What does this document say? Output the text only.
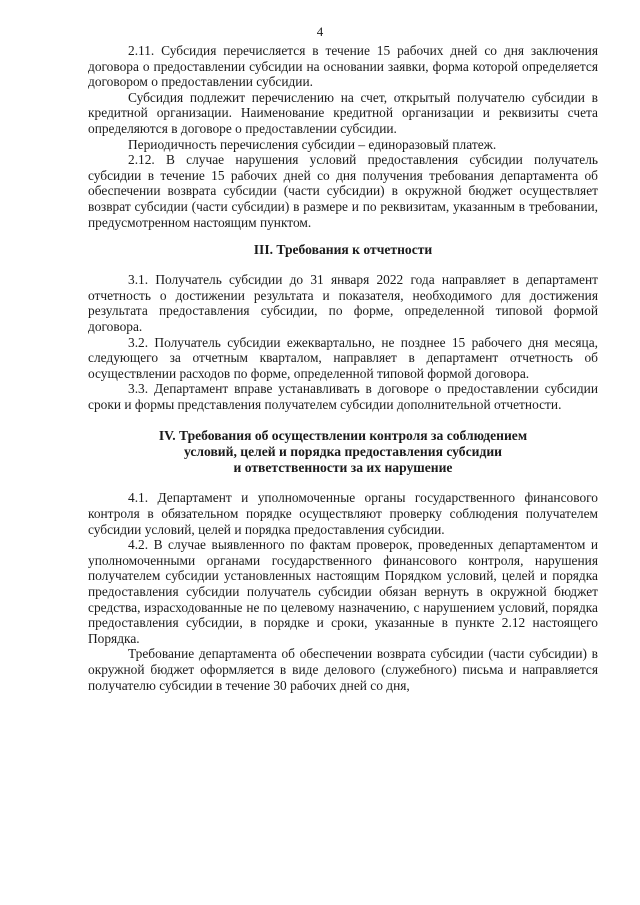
4

2.11. Субсидия перечисляется в течение 15 рабочих дней со дня заключения договора о предоставлении субсидии на основании заявки, форма которой определяется договором о предоставлении субсидии.

Субсидия подлежит перечислению на счет, открытый получателю субсидии в кредитной организации. Наименование кредитной организации и реквизиты счета определяются в договоре о предоставлении субсидии.

Периодичность перечисления субсидии – единоразовый платеж.

2.12. В случае нарушения условий предоставления субсидии получатель субсидии в течение 15 рабочих дней со дня получения требования департамента об обеспечении возврата субсидии (части субсидии) в окружной бюджет осуществляет возврат субсидии (части субсидии) в размере и по реквизитам, указанным в требовании, предусмотренном настоящим пунктом.

III. Требования к отчетности

3.1. Получатель субсидии до 31 января 2022 года направляет в департамент отчетность о достижении результата и показателя, необходимого для достижения результата предоставления субсидии, по форме, определенной типовой формой договора.

3.2. Получатель субсидии ежеквартально, не позднее 15 рабочего дня месяца, следующего за отчетным кварталом, направляет в департамент отчетность об осуществлении расходов по форме, определенной типовой формой договора.

3.3. Департамент вправе устанавливать в договоре о предоставлении субсидии сроки и формы представления получателем субсидии дополнительной отчетности.

IV. Требования об осуществлении контроля за соблюдением
условий, целей и порядка предоставления субсидии
и ответственности за их нарушение

4.1. Департамент и уполномоченные органы государственного финансового контроля в обязательном порядке осуществляют проверку соблюдения получателем субсидии условий, целей и порядка предоставления субсидии.

4.2. В случае выявленного по фактам проверок, проведенных департаментом и уполномоченными органами государственного финансового контроля, нарушения получателем субсидии установленных настоящим Порядком условий, целей и порядка предоставления субсидии получатель субсидии обязан вернуть в окружной бюджет средства, израсходованные не по целевому назначению, с нарушением условий, порядка предоставления субсидии, в порядке и сроки, указанные в пункте 2.12 настоящего Порядка.

Требование департамента об обеспечении возврата субсидии (части субсидии) в окружной бюджет оформляется в виде делового (служебного) письма и направляется получателю субсидии в течение 30 рабочих дней со дня,
